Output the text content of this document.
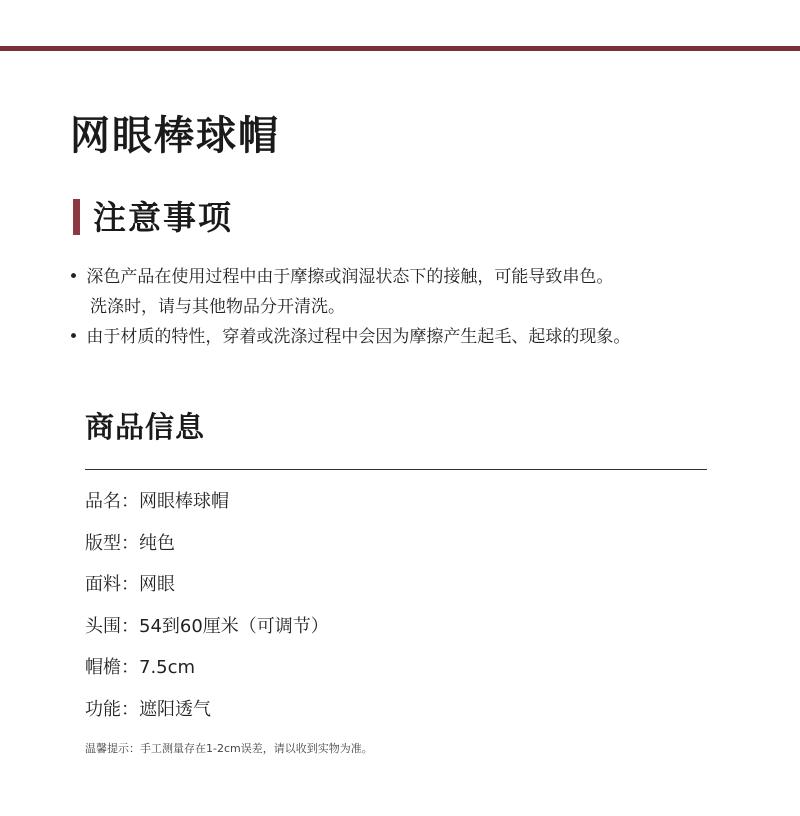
网眼棒球帽
注意事项
• 深色产品在使用过程中由于摩擦或润湿状态下的接触，可能导致串色。
洗涤时，请与其他物品分开清洗。
• 由于材质的特性，穿着或洗涤过程中会因为摩擦产生起毛、起球的现象。
商品信息
品名：网眼棒球帽
版型：纯色
面料：网眼
头围：54到60厘米（可调节）
帽檐：7.5cm
功能：遮阳透气
温馨提示：手工测量存在1-2cm误差，请以收到实物为准。
